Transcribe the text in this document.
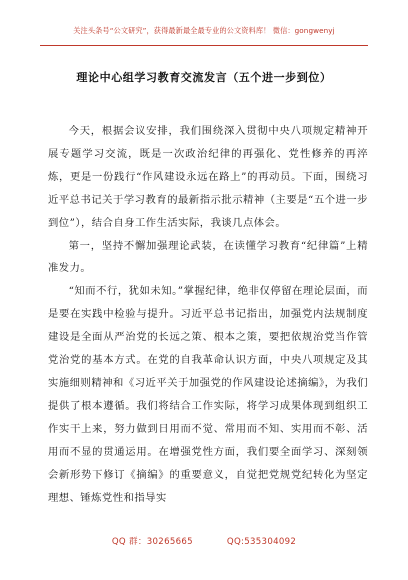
关注头条号“公文研究”，获得最新最全最专业的公文资料库！ 微信：gongwenyj
理论中心组学习教育交流发言（五个进一步到位）

今天，根据会议安排，我们围绕深入贯彻中央八项规定精神开展专题学习交流，既是一次政治纪律的再强化、党性修养的再淬炼，更是一份践行“作风建设永远在路上”的再动员。下面，围绕习近平总书记关于学习教育的最新指示批示精神（主要是“五个进一步到位”），结合自身工作生活实际，我谈几点体会。

第一，坚持不懈加强理论武装，在读懂学习教育“纪律篇”上精准发力。

“知而不行，犹如未知。”掌握纪律，绝非仅停留在理论层面，而是要在实践中检验与提升。习近平总书记指出，加强党内法规制度建设是全面从严治党的长远之策、根本之策，要把依规治党当作管党治党的基本方式。在党的自我革命认识方面，中央八项规定及其实施细则精神和《习近平关于加强党的作风建设论述摘编》，为我们提供了根本遵循。我们将结合工作实际，将学习成果体现到组织工作实干上来，努力做到日用而不觉、常用而不知、实用而不彰、活用而不显的贯通运用。在增强党性方面，我们要全面学习、深刻领会新形势下修订《摘编》的重要意义，自觉把党规党纪转化为坚定理想、锤炼党性和指导实

QQ 群：30265665	QQ:535304092
